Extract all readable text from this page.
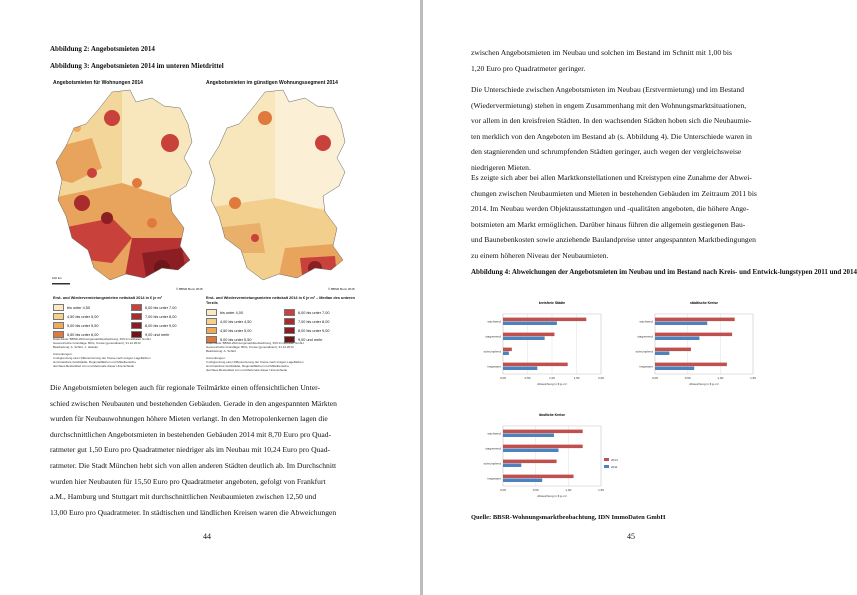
Abbildung 2: Angebotsmieten 2014
Abbildung 3: Angebotsmieten 2014 im unteren Mietdrittel
Angebotsmieten für Wohnungen 2014
100 km
© BBSR Bonn 2015
Erst- und Wiedervermietungsmieten nettokalt 2014 in € je m²
bis unter 4,50	6,00 bis unter 7,00
4,50 bis unter 5,00	7,00 bis unter 8,00
5,00 bis unter 5,50	8,00 bis unter 9,00
5,50 bis unter 6,00	9,00 und mehr
Datenbasis: BBSR-Wohnungsmarktbeobachtung, IDN ImmoDaten GmbH
Geometrische Grundlage: BKG, Kreise (generalisiert), 31.12.2013
Bearbeitung: A. Schürt, J. Hassler

Anmerkungen:
In Abgrenzung einer Differenzierung der Kreise nach einigen Lageflächen
sind kreisfreie Großstädte, Regionalflächen und Mittelbereiche
durchaus Bestandteil von und Merkmale dieser Unterschiede
Angebotsmieten im günstigen Wohnungssegment 2014
© BBSR Bonn 2015
Erst- und Wiedervermietungsmieten nettokalt 2014 in € je m² – Median des unteren Terzils
bis unter 4,00	6,00 bis unter 7,00
4,00 bis unter 4,50	7,00 bis unter 8,00
4,50 bis unter 5,00	8,00 bis unter 9,00
5,00 bis unter 5,50	9,00 und mehr
Datenbasis: BBSR-Wohnungsmarktbeobachtung, IDN ImmoDaten GmbH
Geometrische Grundlage: BKG, Kreise (generalisiert), 31.12.2013
Bearbeitung: A. Schürt

Anmerkungen:
In Abgrenzung einer Differenzierung der Kreise nach einigen Lageflächen
sind kreisfreie Großstädte, Regionalflächen und Mittelbereiche
durchaus Bestandteil von und Merkmale dieser Unterschiede
Die Angebotsmieten belegen auch für regionale Teilmärkte einen offensichtlichen Unter-
schied zwischen Neubauten und bestehenden Gebäuden. Gerade in den angespannten Märkten
wurden für Neubauwohnungen höhere Mieten verlangt. In den Metropolenkernen lagen die
durchschnittlichen Angebotsmieten in bestehenden Gebäuden 2014 mit 8,70 Euro pro Quad-
ratmeter gut 1,50 Euro pro Quadratmeter niedriger als im Neubau mit 10,24 Euro pro Quad-
ratmeter. Die Stadt München hebt sich von allen anderen Städten deutlich ab. Im Durchschnitt
wurden hier Neubauten für 15,50 Euro pro Quadratmeter angeboten, gefolgt von Frankfurt
a.M., Hamburg und Stuttgart mit durchschnittlichen Neubaumieten zwischen 12,50 und
13,00 Euro pro Quadratmeter. In städtischen und ländlichen Kreisen waren die Abweichungen
44
zwischen Angebotsmieten im Neubau und solchen im Bestand im Schnitt mit 1,00 bis
1,20 Euro pro Quadratmeter geringer.
Die Unterschiede zwischen Angebotsmieten im Neubau (Erstvermietung) und im Bestand
(Wiedervermietung) stehen in engem Zusammenhang mit den Wohnungsmarktsituationen,
vor allem in den kreisfreien Städten. In den wachsenden Städten hoben sich die Neubaumie-
ten merklich von den Angeboten im Bestand ab (s. Abbildung 4). Die Unterschiede waren in
den stagnierenden und schrumpfenden Städten geringer, auch wegen der vergleichsweise
niedrigeren Mieten.
Es zeigte sich aber bei allen Marktkonstellationen und Kreistypen eine Zunahme der Abwei-
chungen zwischen Neubaumieten und Mieten in bestehenden Gebäuden im Zeitraum 2011 bis
2014. Im Neubau werden Objektausstattungen und -qualitäten angeboten, die höhere Ange-
botsmieten am Markt ermöglichen. Darüber hinaus führen die allgemein gestiegenen Bau-
und Baunebenkosten sowie anziehende Baulandpreise unter angespannten Marktbedingungen
zu einem höheren Niveau der Neubaumieten.
Abbildung 4: Abweichungen der Angebotsmieten im Neubau und im Bestand nach Kreis- und Entwick-lungstypen 2011 und 2014
kreisfreie Städte
0,00	0,50	1,00	1,50	2,00
Abweichung in € je m²
wachsend
stagnierend
schrumpfend
insgesamt
städtische Kreise
0,00	0,50	1,00	1,50
Abweichung in € je m²
wachsend
stagnierend
schrumpfend
insgesamt
ländliche Kreise
0,00	0,50	1,00	1,50
Abweichung in € je m²
wachsend
stagnierend
schrumpfend
insgesamt
2014
2011
Quelle: BBSR-Wohnungsmarktbeobachtung, IDN ImmoDaten GmbH
45
